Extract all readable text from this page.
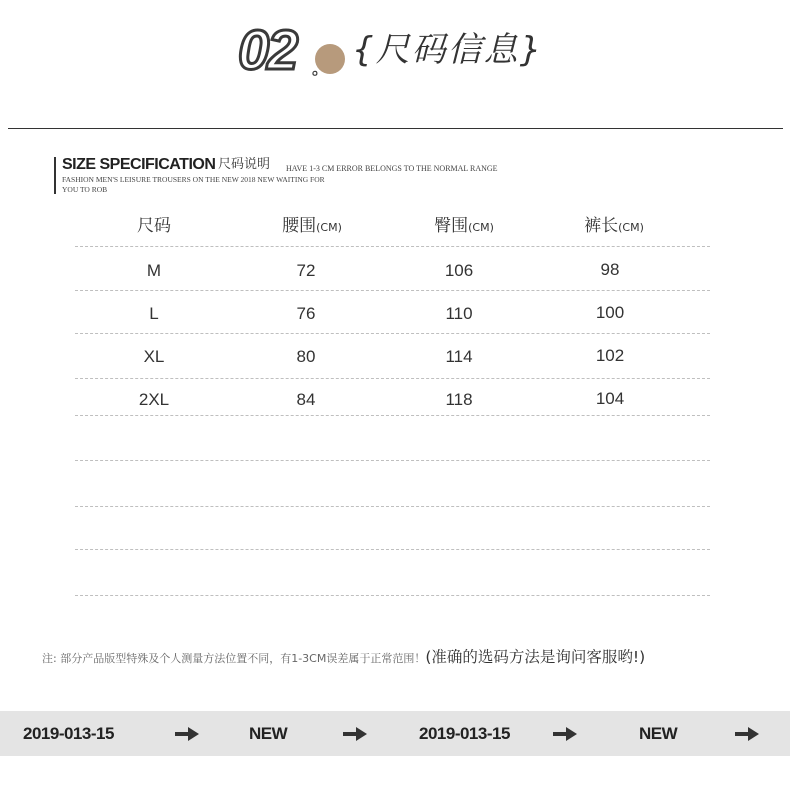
02 。 {尺码信息}
SIZE SPECIFICATION 尺码说明 HAVE 1-3 CM ERROR BELONGS TO THE NORMAL RANGE
FASHION MEN'S LEISURE TROUSERS ON THE NEW 2018 NEW WAITING FOR
YOU TO ROB
尺码	腰围(CM)	臀围(CM)	裤长(CM)
M	72	106	98
L	76	110	100
XL	80	114	102
2XL	84	118	104
注: 部分产品版型特殊及个人测量方法位置不同，有1-3CM误差属于正常范围！(准确的选码方法是询问客服哟!)
2019-013-15	NEW	2019-013-15	NEW
